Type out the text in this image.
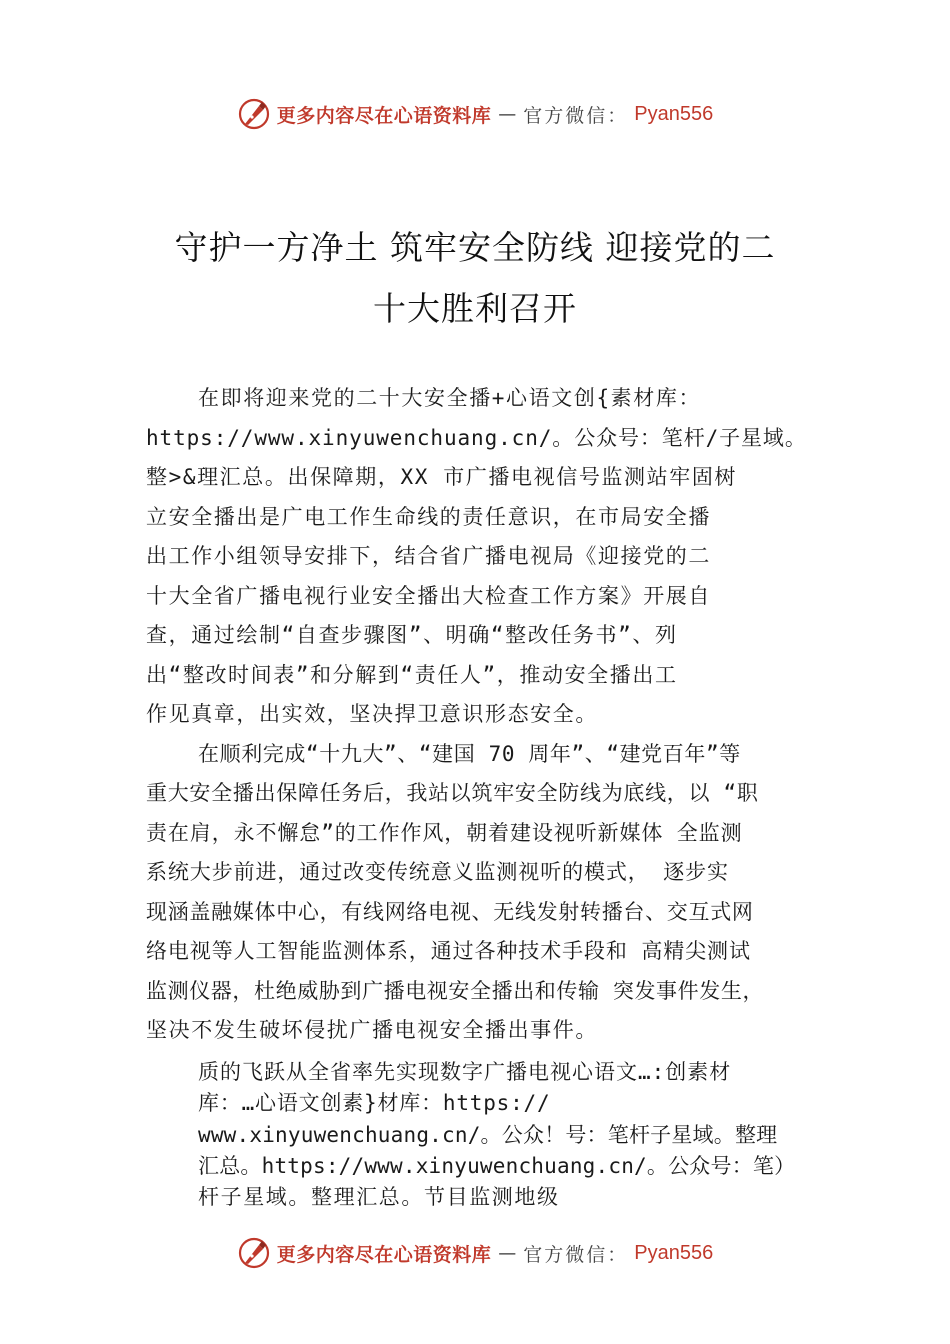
更多内容尽在心语资料库 — 官方微信： Pyan556
守护一方净土 筑牢安全防线 迎接党的二
十大胜利召开
在即将迎来党的二十大安全播+心语文创{素材库：
https://www.xinyuwenchuang.cn/。公众号：笔杆/子星域。
整>&理汇总。出保障期，XX 市广播电视信号监测站牢固树
立安全播出是广电工作生命线的责任意识，在市局安全播
出工作小组领导安排下，结合省广播电视局《迎接党的二
十大全省广播电视行业安全播出大检查工作方案》开展自
查，通过绘制“自查步骤图”、明确“整改任务书”、列
出“整改时间表”和分解到“责任人”，推动安全播出工
作见真章，出实效，坚决捍卫意识形态安全。
在顺利完成“十九大”、“建国 70 周年”、“建党百年”等
重大安全播出保障任务后，我站以筑牢安全防线为底线，以 “职
责在肩，永不懈怠”的工作作风，朝着建设视听新媒体 全监测
系统大步前进，通过改变传统意义监测视听的模式， 逐步实
现涵盖融媒体中心，有线网络电视、无线发射转播台、交互式网
络电视等人工智能监测体系，通过各种技术手段和 高精尖测试
监测仪器，杜绝威胁到广播电视安全播出和传输 突发事件发生，
坚决不发生破坏侵扰广播电视安全播出事件。
质的飞跃从全省率先实现数字广播电视心语文…:创素材
库：…心语文创素}材库：https://
www.xinyuwenchuang.cn/。公众！号：笔杆子星域。整理
汇总。https://www.xinyuwenchuang.cn/。公众号：笔）
杆子星域。整理汇总。节目监测地级
更多内容尽在心语资料库 — 官方微信： Pyan556
